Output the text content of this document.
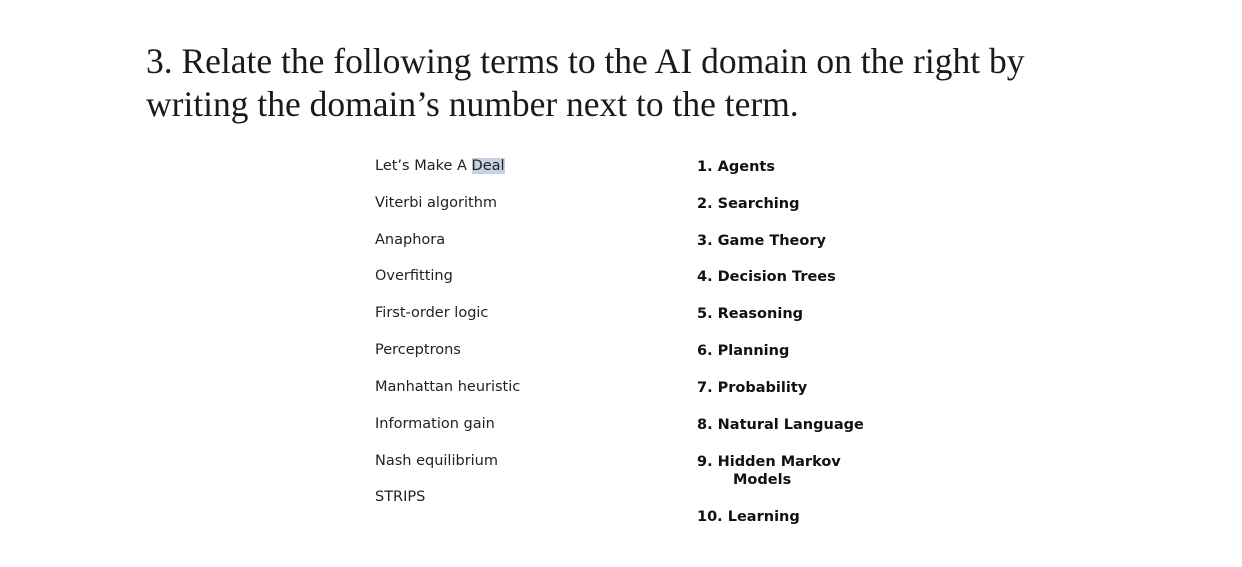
3. Relate the following terms to the AI domain on the right by
writing the domain’s number next to the term.
Let’s Make A Deal
Viterbi algorithm
Anaphora
Overfitting
First-order logic
Perceptrons
Manhattan heuristic
Information gain
Nash equilibrium
STRIPS
1. Agents
2. Searching
3. Game Theory
4. Decision Trees
5. Reasoning
6. Planning
7. Probability
8. Natural Language
9. Hidden Markov
Models
10. Learning
